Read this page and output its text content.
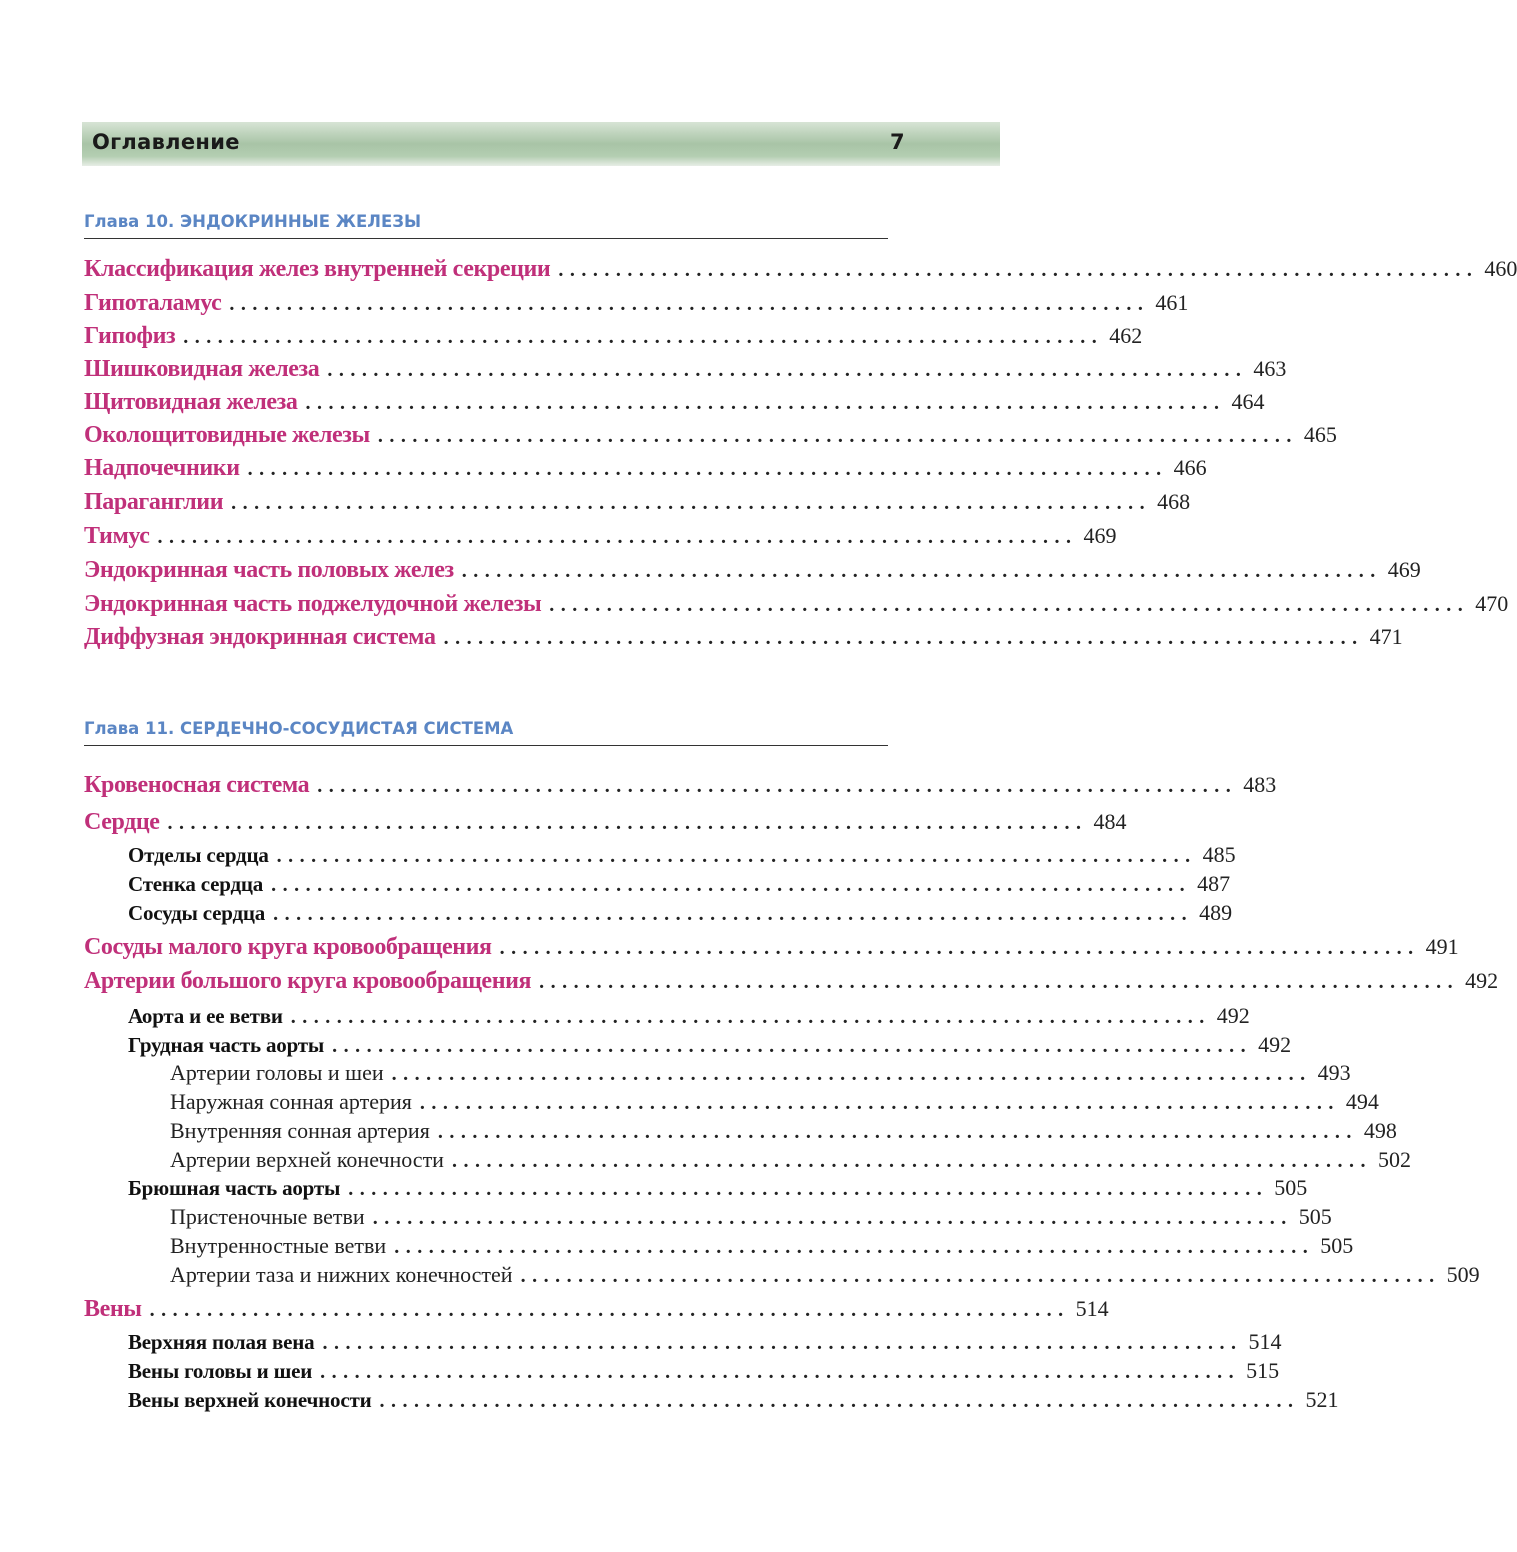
Оглавление	7
Глава 10. ЭНДОКРИННЫЕ ЖЕЛЕЗЫ
Классификация желез внутренней секреции ................................................................................ 460
Гипоталамус ................................................................................ 461
Гипофиз ................................................................................ 462
Шишковидная железа ................................................................................ 463
Щитовидная железа ................................................................................ 464
Околощитовидные железы ................................................................................ 465
Надпочечники ................................................................................ 466
Параганглии ................................................................................ 468
Тимус ................................................................................ 469
Эндокринная часть половых желез ................................................................................ 469
Эндокринная часть поджелудочной железы ................................................................................ 470
Диффузная эндокринная система ................................................................................ 471
Глава 11. СЕРДЕЧНО-СОСУДИСТАЯ СИСТЕМА
Кровеносная система ................................................................................ 483
Сердце ................................................................................ 484
Отделы сердца ................................................................................ 485
Стенка сердца ................................................................................ 487
Сосуды сердца ................................................................................ 489
Сосуды малого круга кровообращения ................................................................................ 491
Артерии большого круга кровообращения ................................................................................ 492
Аорта и ее ветви ................................................................................ 492
Грудная часть аорты ................................................................................ 492
Артерии головы и шеи ................................................................................ 493
Наружная сонная артерия ................................................................................ 494
Внутренняя сонная артерия ................................................................................ 498
Артерии верхней конечности ................................................................................ 502
Брюшная часть аорты ................................................................................ 505
Пристеночные ветви ................................................................................ 505
Внутренностные ветви ................................................................................ 505
Артерии таза и нижних конечностей ................................................................................ 509
Вены ................................................................................ 514
Верхняя полая вена ................................................................................ 514
Вены головы и шеи ................................................................................ 515
Вены верхней конечности ................................................................................ 521
